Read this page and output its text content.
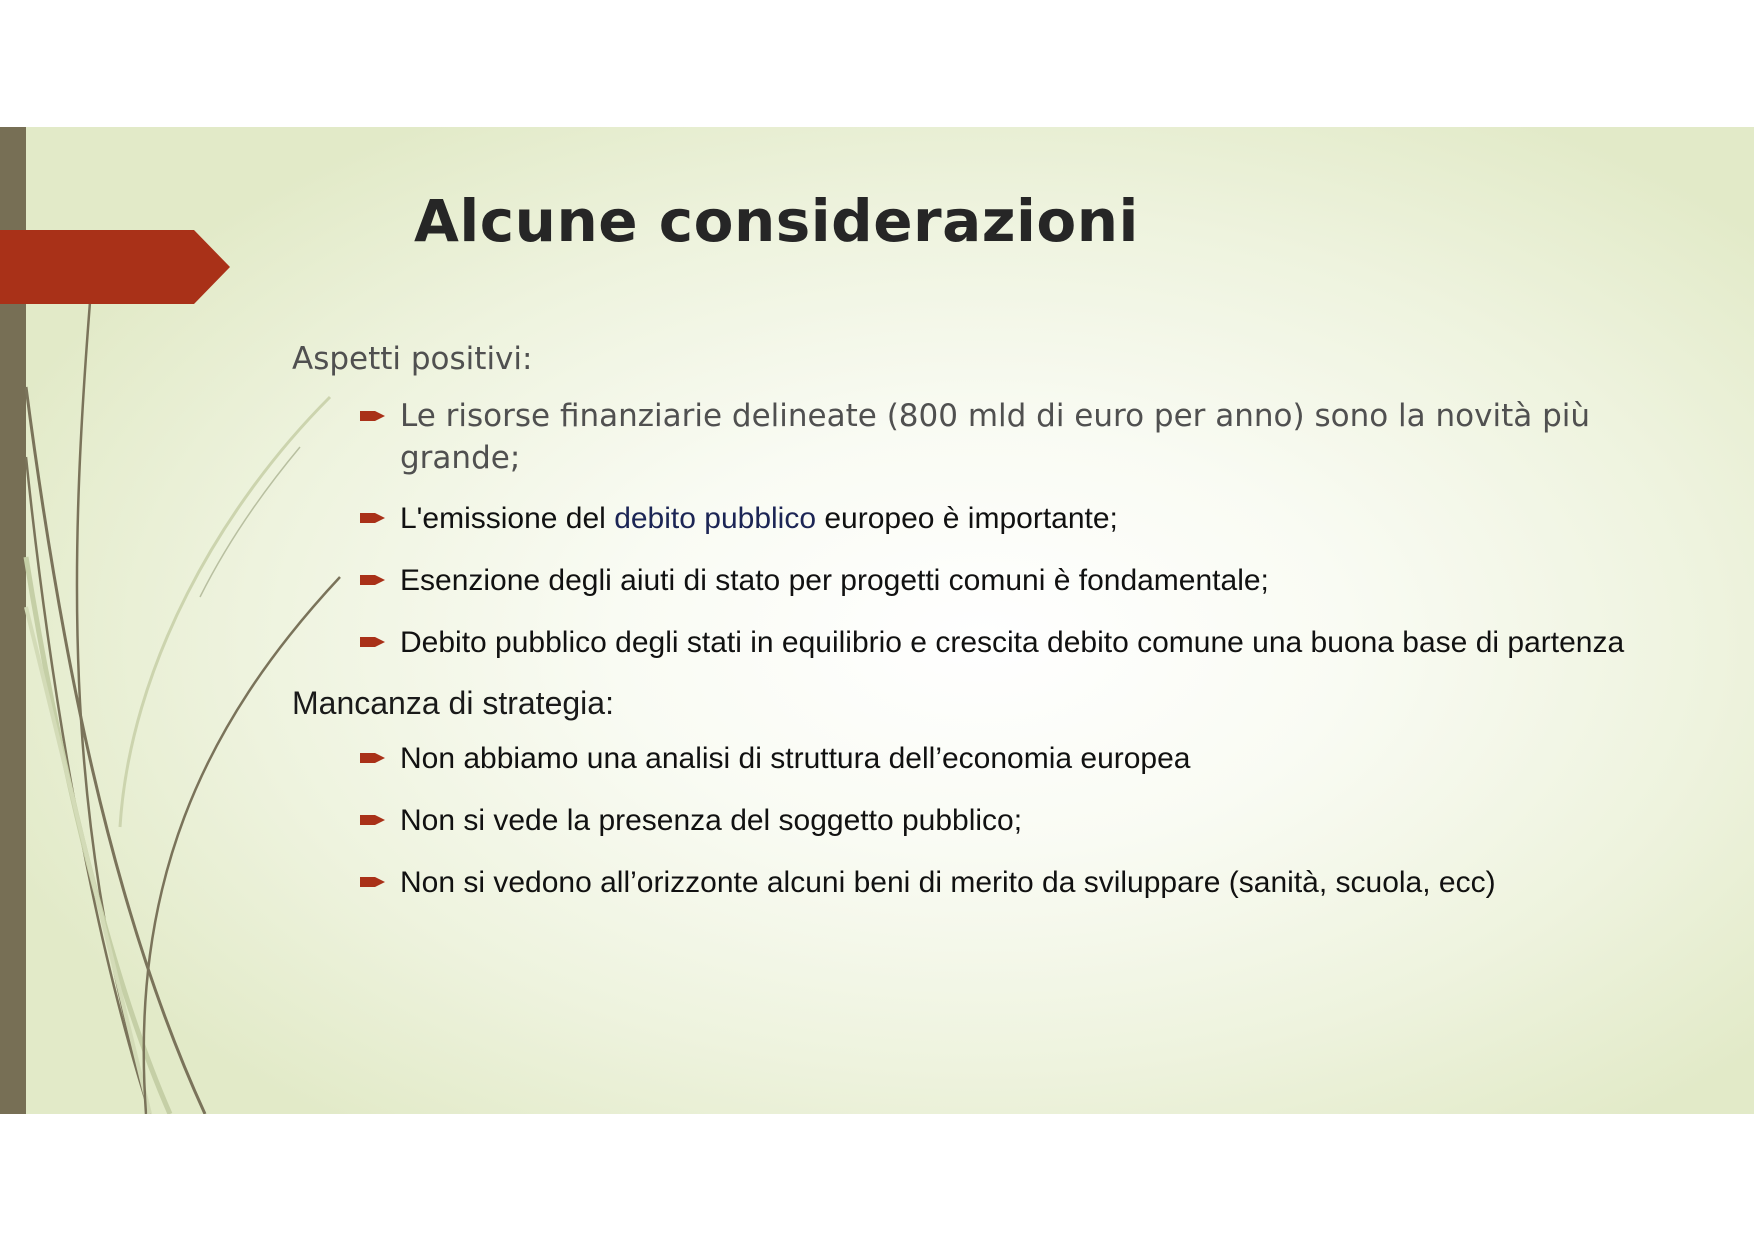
Alcune considerazioni

Aspetti positivi:

Le risorse finanziarie delineate (800 mld di euro per anno) sono la novità più grande;
L'emissione del debito pubblico europeo è importante;
Esenzione degli aiuti di stato per progetti comuni è fondamentale;
Debito pubblico degli stati in equilibrio e crescita debito comune una buona base di partenza

Mancanza di strategia:

Non abbiamo una analisi di struttura dell’economia europea
Non si vede la presenza del soggetto pubblico;
Non si vedono all’orizzonte alcuni beni di merito da sviluppare (sanità, scuola, ecc)
